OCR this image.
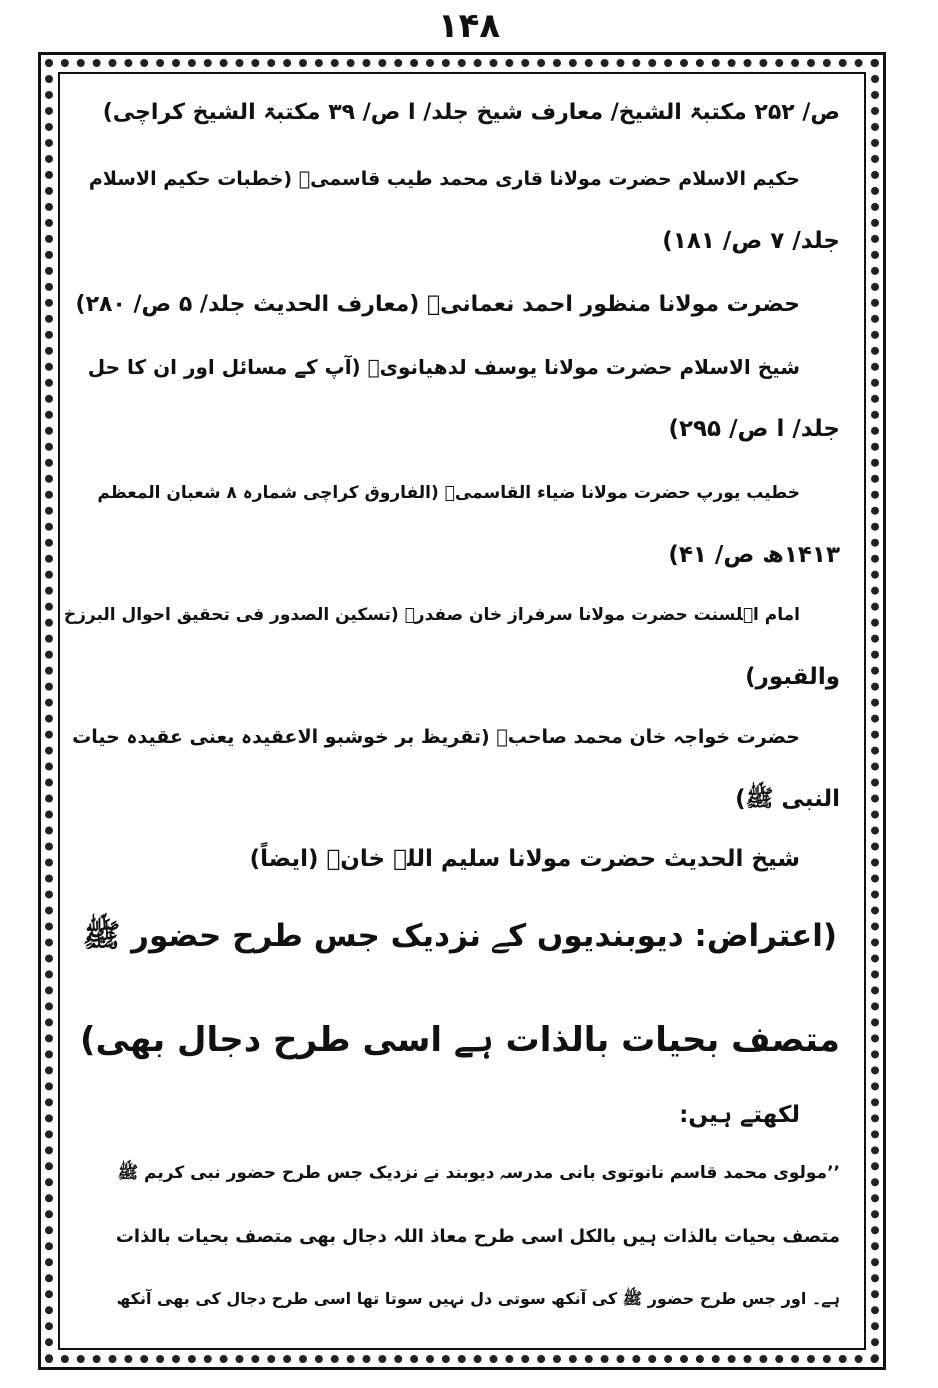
۱۴۸
ص/ ۲۵۲ مکتبۃ الشیخ/ معارف شیخ جلد/ ا ص/ ۳۹ مکتبۃ الشیخ کراچی)
حکیم الاسلام حضرت مولانا قاری محمد طیب قاسمیؒ (خطبات حکیم الاسلام
جلد/ ۷ ص/ ۱۸۱)
حضرت مولانا منظور احمد نعمانیؒ (معارف الحدیث جلد/ ۵ ص/ ۲۸۰)
شیخ الاسلام حضرت مولانا یوسف لدھیانویؒ (آپ کے مسائل اور ان کا حل
جلد/ ا ص/ ۲۹۵)
خطیب یورپ حضرت مولانا ضیاء القاسمیؒ (الفاروق کراچی شمارہ ۸ شعبان المعظم
۱۴۱۳ھ ص/ ۴۱)
امام اہلسنت حضرت مولانا سرفراز خان صفدرؒ (تسکین الصدور فی تحقیق احوال البرزخ
والقبور)
حضرت خواجہ خان محمد صاحبؒ (تقریظ بر خوشبو الاعقیدہ یعنی عقیدہ حیات
النبی ﷺ)
شیخ الحدیث حضرت مولانا سلیم اللہ خانؒ (ایضاً)
(اعتراض: دیوبندیوں کے نزدیک جس طرح حضور ﷺ
متصف بحیات بالذات ہے اسی طرح دجال بھی)
لکھتے ہیں:
’’مولوی محمد قاسم نانوتوی بانی مدرسہ دیوبند نے نزدیک جس طرح حضور نبی کریم ﷺ
متصف بحیات بالذات ہیں بالکل اسی طرح معاذ اللہ دجال بھی متصف بحیات بالذات
ہے۔ اور جس طرح حضور ﷺ کی آنکھ سوتی دل نہیں سوتا تھا اسی طرح دجال کی بھی آنکھ
